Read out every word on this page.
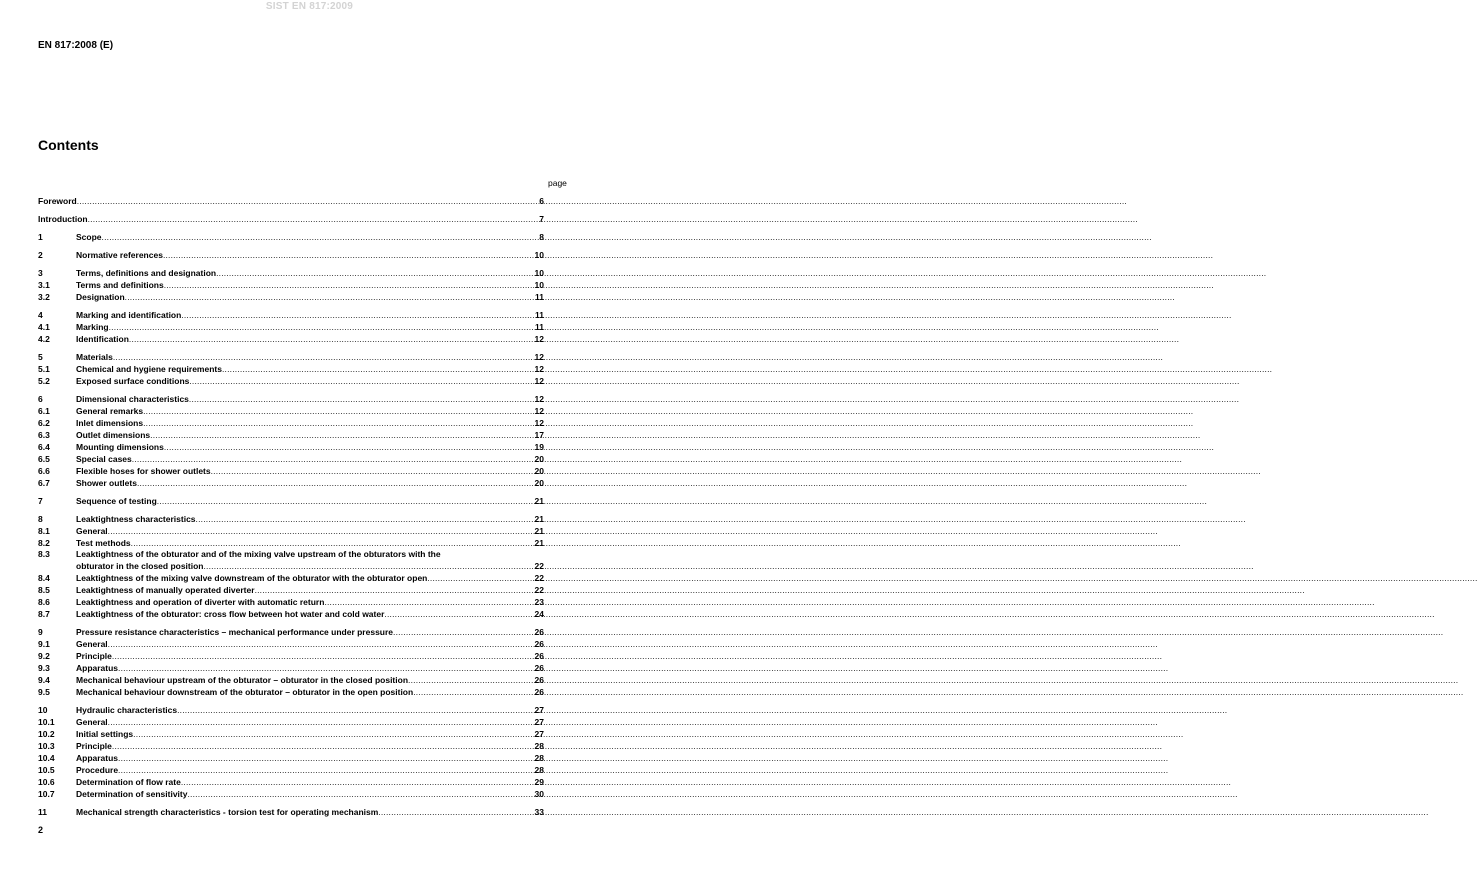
SIST EN 817:2009
EN 817:2008 (E)
Contents
page
Foreword .....	6
Introduction .....	7
1	Scope .....	8
2	Normative references .....	10
3	Terms, definitions and designation .....	10
3.1	Terms and definitions .....	10
3.2	Designation .....	11
4	Marking and identification .....	11
4.1	Marking .....	11
4.2	Identification .....	12
5	Materials .....	12
5.1	Chemical and hygiene requirements .....	12
5.2	Exposed surface conditions .....	12
6	Dimensional characteristics .....	12
6.1	General remarks .....	12
6.2	Inlet dimensions .....	12
6.3	Outlet dimensions .....	17
6.4	Mounting dimensions .....	19
6.5	Special cases .....	20
6.6	Flexible hoses for shower outlets .....	20
6.7	Shower outlets .....	20
7	Sequence of testing .....	21
8	Leaktightness characteristics .....	21
8.1	General .....	21
8.2	Test methods .....	21
8.3	Leaktightness of the obturator and of the mixing valve upstream of the obturators with the
obturator in the closed position .....	22
8.4	Leaktightness of the mixing valve downstream of the obturator with the obturator open .....	22
8.5	Leaktightness of manually operated diverter .....	22
8.6	Leaktightness and operation of diverter with automatic return .....	23
8.7	Leaktightness of the obturator: cross flow between hot water and cold water .....	24
9	Pressure resistance characteristics – mechanical performance under pressure .....	26
9.1	General .....	26
9.2	Principle .....	26
9.3	Apparatus .....	26
9.4	Mechanical behaviour upstream of the obturator – obturator in the closed position .....	26
9.5	Mechanical behaviour downstream of the obturator – obturator in the open position .....	26
10	Hydraulic characteristics .....	27
10.1	General .....	27
10.2	Initial settings .....	27
10.3	Principle .....	28
10.4	Apparatus .....	28
10.5	Procedure .....	28
10.6	Determination of flow rate .....	29
10.7	Determination of sensitivity .....	30
11	Mechanical strength characteristics - torsion test for operating mechanism .....	33
2
